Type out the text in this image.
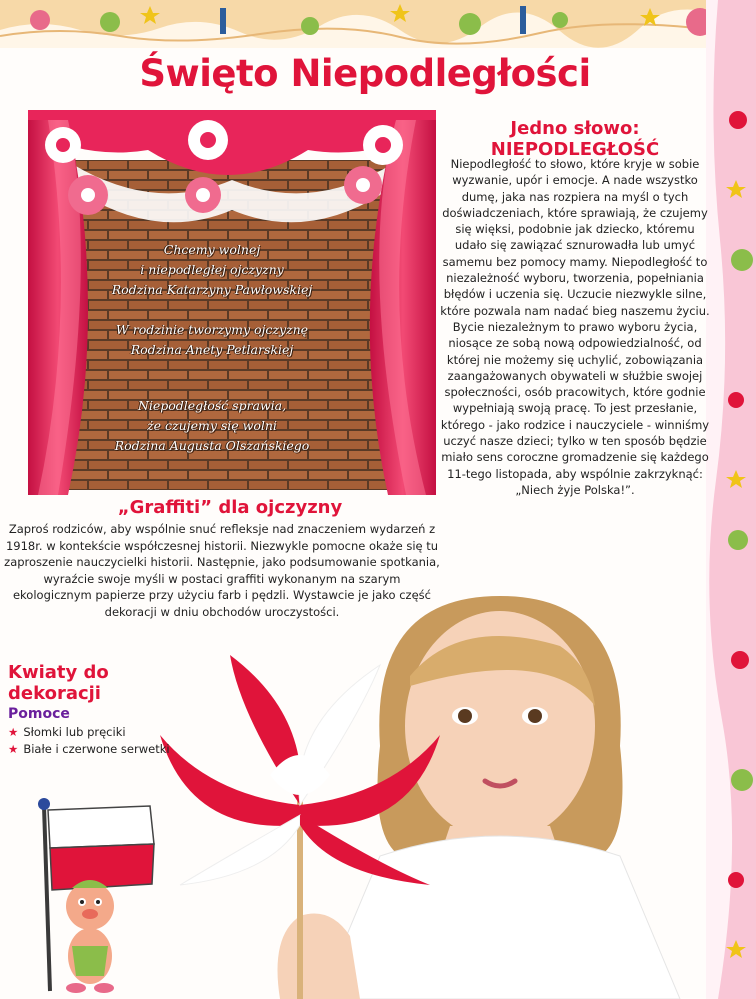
Święto Niepodległości

Chcemy wolnej

i niepodległej ojczyzny

Rodzina Katarzyny Pawłowskiej

W rodzinie tworzymy ojczyznę

Rodzina Anety Petlarskiej

Niepodległość sprawia,

że czujemy się wolni

Rodzina Augusta Olszańskiego

Jedno słowo:

NIEPODLEGŁOŚĆ

Niepodległość to słowo, które kryje w sobie wyzwanie, upór i emocje. A nade wszystko dumę, jaka nas rozpiera na myśl o tych doświadczeniach, które sprawiają, że czujemy się więksi, podobnie jak dziecko, któremu udało się zawiązać sznurowadła lub umyć samemu bez pomocy mamy. Niepodległość to niezależność wyboru, tworzenia, popełniania błędów i uczenia się. Uczucie niezwykle silne, które pozwala nam nadać bieg naszemu życiu. Bycie niezależnym to prawo wyboru życia, niosące ze sobą nową odpowiedzialność, od której nie możemy się uchylić, zobowiązania zaangażowanych obywateli w służbie swojej społeczności, osób pracowitych, które godnie wypełniają swoją pracę. To jest przesłanie, którego - jako rodzice i nauczyciele - winniśmy uczyć nasze dzieci; tylko w ten sposób będzie miało sens coroczne gromadzenie się każdego 11-tego listopada, aby wspólnie zakrzyknąć: „Niech żyje Polska!”.

„Graffiti” dla ojczyzny

Zaproś rodziców, aby wspólnie snuć refleksje nad znaczeniem wydarzeń z 1918r. w kontekście współczesnej historii. Niezwykle pomocne okaże się tu zaproszenie nauczycielki historii. Następnie, jako podsumowanie spotkania, wyraźcie swoje myśli w postaci graffiti wykonanym na szarym ekologicznym papierze przy użyciu farb i pędzli. Wystawcie je jako część dekoracji w dniu obchodów uroczystości.

Kwiaty do

dekoracji

Pomoce

★ Słomki lub pręciki
★ Białe i czerwone serwetki
